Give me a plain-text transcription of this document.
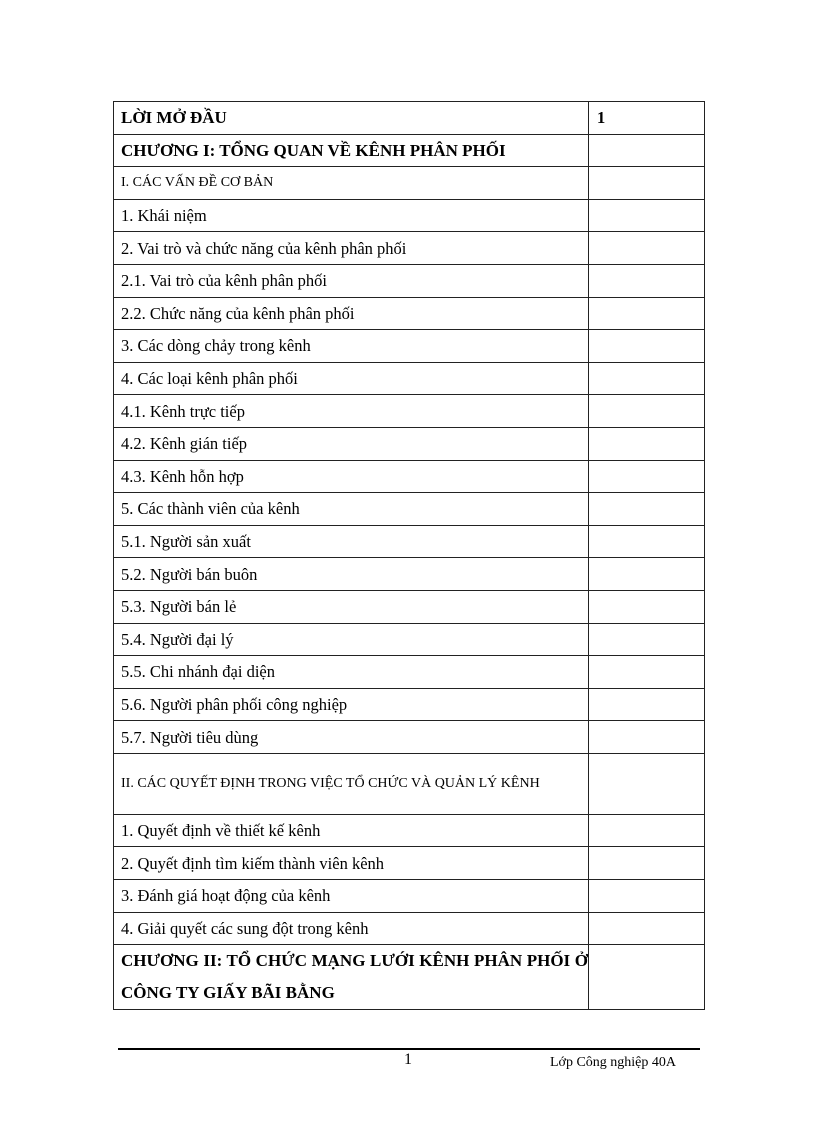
LỜI MỞ ĐẦU	1
CHƯƠNG I: TỔNG QUAN VỀ KÊNH PHÂN PHỐI	
I. CÁC VẤN ĐỀ CƠ BẢN	
1. Khái niệm	
2. Vai trò và chức năng của kênh phân phối	
2.1. Vai trò của kênh phân phối	
2.2. Chức năng của kênh phân phối	
3. Các dòng chảy trong kênh	
4. Các loại kênh phân phối	
4.1. Kênh trực tiếp	
4.2. Kênh gián tiếp	
4.3. Kênh hỗn hợp	
5. Các thành viên của kênh	
5.1. Người sản xuất	
5.2. Người bán buôn	
5.3. Người bán lẻ	
5.4. Người đại lý	
5.5. Chi nhánh đại diện	
5.6. Người phân phối công nghiệp	
5.7. Người tiêu dùng	
II. CÁC QUYẾT ĐỊNH TRONG VIỆC TỔ CHỨC VÀ QUẢN LÝ KÊNH	
1. Quyết định về thiết kế kênh	
2. Quyết định tìm kiếm thành viên kênh	
3. Đánh giá hoạt động của kênh	
4. Giải quyết các sung đột trong kênh	
CHƯƠNG II: TỔ CHỨC MẠNG LƯỚI KÊNH PHÂN PHỐI Ở CÔNG TY GIẤY BÃI BẰNG	
1	Lớp Công nghiệp 40A
